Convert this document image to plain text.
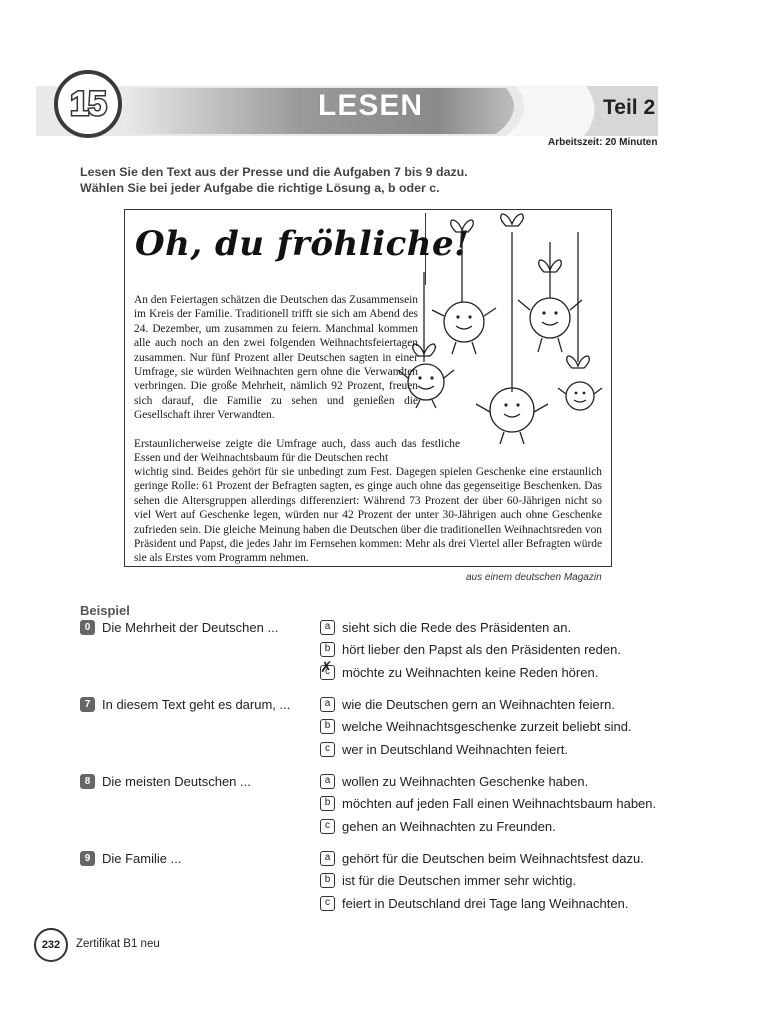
15	LESEN	Teil 2
Arbeitszeit: 20 Minuten
Lesen Sie den Text aus der Presse und die Aufgaben 7 bis 9 dazu.
Wählen Sie bei jeder Aufgabe die richtige Lösung a, b oder c.
Oh, du fröhliche!
An den Feiertagen schätzen die Deutschen das Zusammensein im Kreis der Familie. Traditionell trifft sie sich am Abend des 24. Dezember, um zusammen zu feiern. Manchmal kommen alle auch noch an den zwei folgenden Weihnachtsfeiertagen zusammen. Nur fünf Prozent aller Deutschen sagten in einer Umfrage, sie würden Weihnachten gern ohne die Verwandten verbringen. Die große Mehrheit, nämlich 92 Prozent, freuen sich darauf, die Familie zu sehen und genießen die Gesellschaft ihrer Verwandten.
Erstaunlicherweise zeigte die Umfrage auch, dass auch das festliche Essen und der Weihnachtsbaum für die Deutschen recht
wichtig sind. Beides gehört für sie unbedingt zum Fest. Dagegen spielen Geschenke eine erstaunlich geringe Rolle: 61 Prozent der Befragten sagten, es ginge auch ohne das gegenseitige Beschenken. Das sehen die Altersgruppen allerdings differenziert: Während 73 Prozent der über 60-Jährigen nicht so viel Wert auf Geschenke legen, würden nur 42 Prozent der unter 30-Jährigen auch ohne Geschenke zufrieden sein. Die gleiche Meinung haben die Deutschen über die traditionellen Weihnachtsreden von Präsident und Papst, die jedes Jahr im Fernsehen kommen: Mehr als drei Viertel aller Befragten würde sie als Erstes vom Programm nehmen.
aus einem deutschen Magazin
Beispiel
0 Die Mehrheit der Deutschen ...	a sieht sich die Rede des Präsidenten an.
b hört lieber den Papst als den Präsidenten reden.
c ✗ möchte zu Weihnachten keine Reden hören.
7 In diesem Text geht es darum, ...	a wie die Deutschen gern an Weihnachten feiern.
b welche Weihnachtsgeschenke zurzeit beliebt sind.
c wer in Deutschland Weihnachten feiert.
8 Die meisten Deutschen ...	a wollen zu Weihnachten Geschenke haben.
b möchten auf jeden Fall einen Weihnachtsbaum haben.
c gehen an Weihnachten zu Freunden.
9 Die Familie ...	a gehört für die Deutschen beim Weihnachtsfest dazu.
b ist für die Deutschen immer sehr wichtig.
c feiert in Deutschland drei Tage lang Weihnachten.
232	Zertifikat B1 neu
